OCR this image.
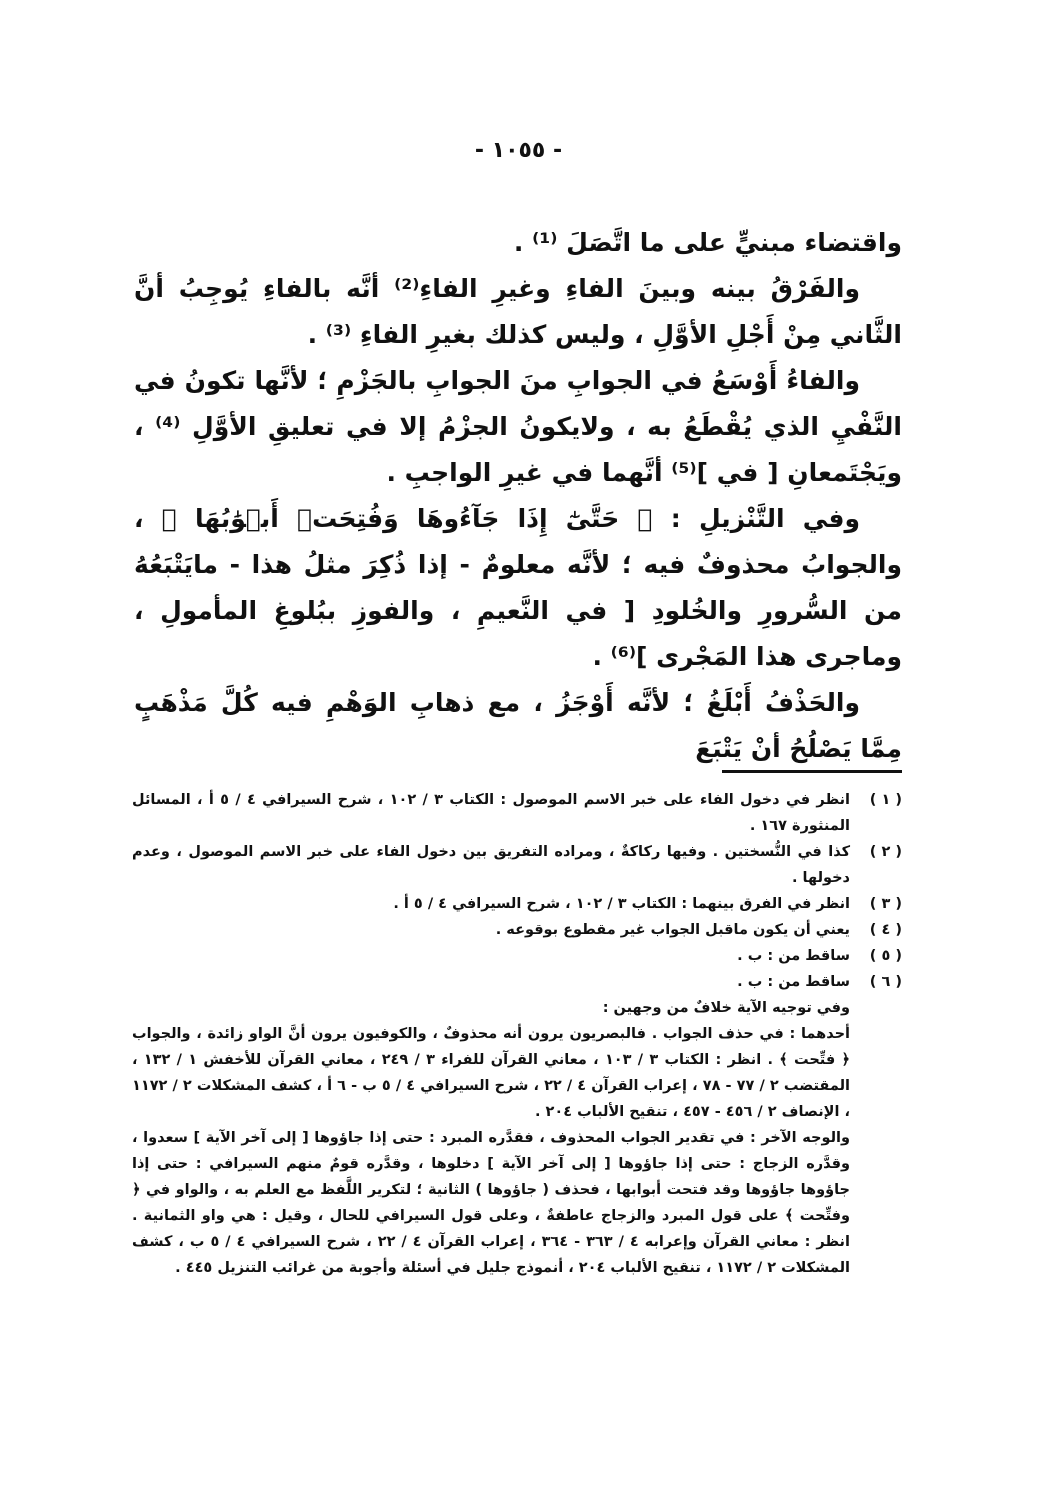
- ١٠٥٥ -

واقتضاء مبنيٍّ على ما اتَّصَلَ ⁽¹⁾ .

والفَرْقُ بينه وبينَ الفاءِ وغيرِ الفاءِ⁽²⁾ أنَّه بالفاءِ يُوجِبُ أنَّ الثَّاني مِنْ أَجْلِ الأوَّلِ ، وليس كذلك بغيرِ الفاءِ ⁽³⁾ .

والفاءُ أَوْسَعُ في الجوابِ منَ الجوابِ بالجَزْمِ ؛ لأنَّها تكونُ في النَّفْيِ الذي يُقْطَعُ به ، ولايكونُ الجزْمُ إلا في تعليقِ الأوَّلِ ⁽⁴⁾ ، ويَجْتَمعانِ [ في ]⁽⁵⁾ أنَّهما في غيرِ الواجبِ .

وفي التَّنْزيلِ : ﴿ حَتَّىٰٓ إِذَا جَآءُوهَا وَفُتِحَتۡ أَبۡوَٰبُهَا ﴾ ، والجوابُ محذوفٌ فيه ؛ لأنَّه معلومٌ - إذا ذُكِرَ مثلُ هذا - مايَتْبَعُهُ من السُّرورِ والخُلودِ [ في النَّعيمِ ، والفوزِ ببُلوغِ المأمولِ ، وماجرى هذا المَجْرى ]⁽⁶⁾ .

والحَذْفُ أَبْلَغُ ؛ لأنَّه أَوْجَزُ ، مع ذهابِ الوَهْمِ فيه كُلَّ مَذْهَبٍ مِمَّا يَصْلُحُ أنْ يَتْبَعَ

( ١ )
انظر في دخول الفاء على خبر الاسم الموصول : الكتاب ٣ / ١٠٢ ، شرح السيرافي ٤ / ٥ أ ، المسائل المنثورة ١٦٧ .
( ٢ )
كذا في النُّسختين . وفيها ركاكةٌ ، ومراده التفريق بين دخول الفاء على خبر الاسم الموصول ، وعدم دخولها .
( ٣ )
انظر في الفرق بينهما : الكتاب ٣ / ١٠٢ ، شرح السيرافي ٤ / ٥ أ .
( ٤ )
يعني أن يكون ماقبل الجواب غير مقطوع بوقوعه .
( ٥ )
ساقط من : ب .
( ٦ )
ساقط من : ب .

وفي توجيه الآية خلافٌ من وجهين :

أحدهما : في حذف الجواب . فالبصريون يرون أنه محذوفٌ ، والكوفيون يرون أنَّ الواو زائدة ، والجواب ﴿ فتِّحت ﴾ . انظر : الكتاب ٣ / ١٠٣ ، معاني القرآن للفراء ٣ / ٢٤٩ ، معاني القرآن للأخفش ١ / ١٣٢ ، المقتضب ٢ / ٧٧ - ٧٨ ، إعراب القرآن ٤ / ٢٢ ، شرح السيرافي ٤ / ٥ ب - ٦ أ ، كشف المشكلات ٢ / ١١٧٢ ، الإنصاف ٢ / ٤٥٦ - ٤٥٧ ، تنقيح الألباب ٢٠٤ .

والوجه الآخر : في تقدير الجواب المحذوف ، فقدَّره المبرد : حتى إذا جاؤوها [ إلى آخر الآية ] سعدوا ، وقدَّره الزجاج : حتى إذا جاؤوها [ إلى آخر الآية ] دخلوها ، وقدَّره قومٌ منهم السيرافي : حتى إذا جاؤوها جاؤوها وقد فتحت أبوابها ، فحذف ( جاؤوها ) الثانية ؛ لتكرير اللَّفظ مع العلم به ، والواو في ﴿ وفتِّحت ﴾ على قول المبرد والزجاج عاطفةٌ ، وعلى قول السيرافي للحال ، وقيل : هي واو الثمانية . انظر : معاني القرآن وإعرابه ٤ / ٣٦٣ - ٣٦٤ ، إعراب القرآن ٤ / ٢٢ ، شرح السيرافي ٤ / ٥ ب ، كشف المشكلات ٢ / ١١٧٢ ، تنقيح الألباب ٢٠٤ ، أنموذج جليل في أسئلة وأجوبة من غرائب التنزيل ٤٤٥ .
